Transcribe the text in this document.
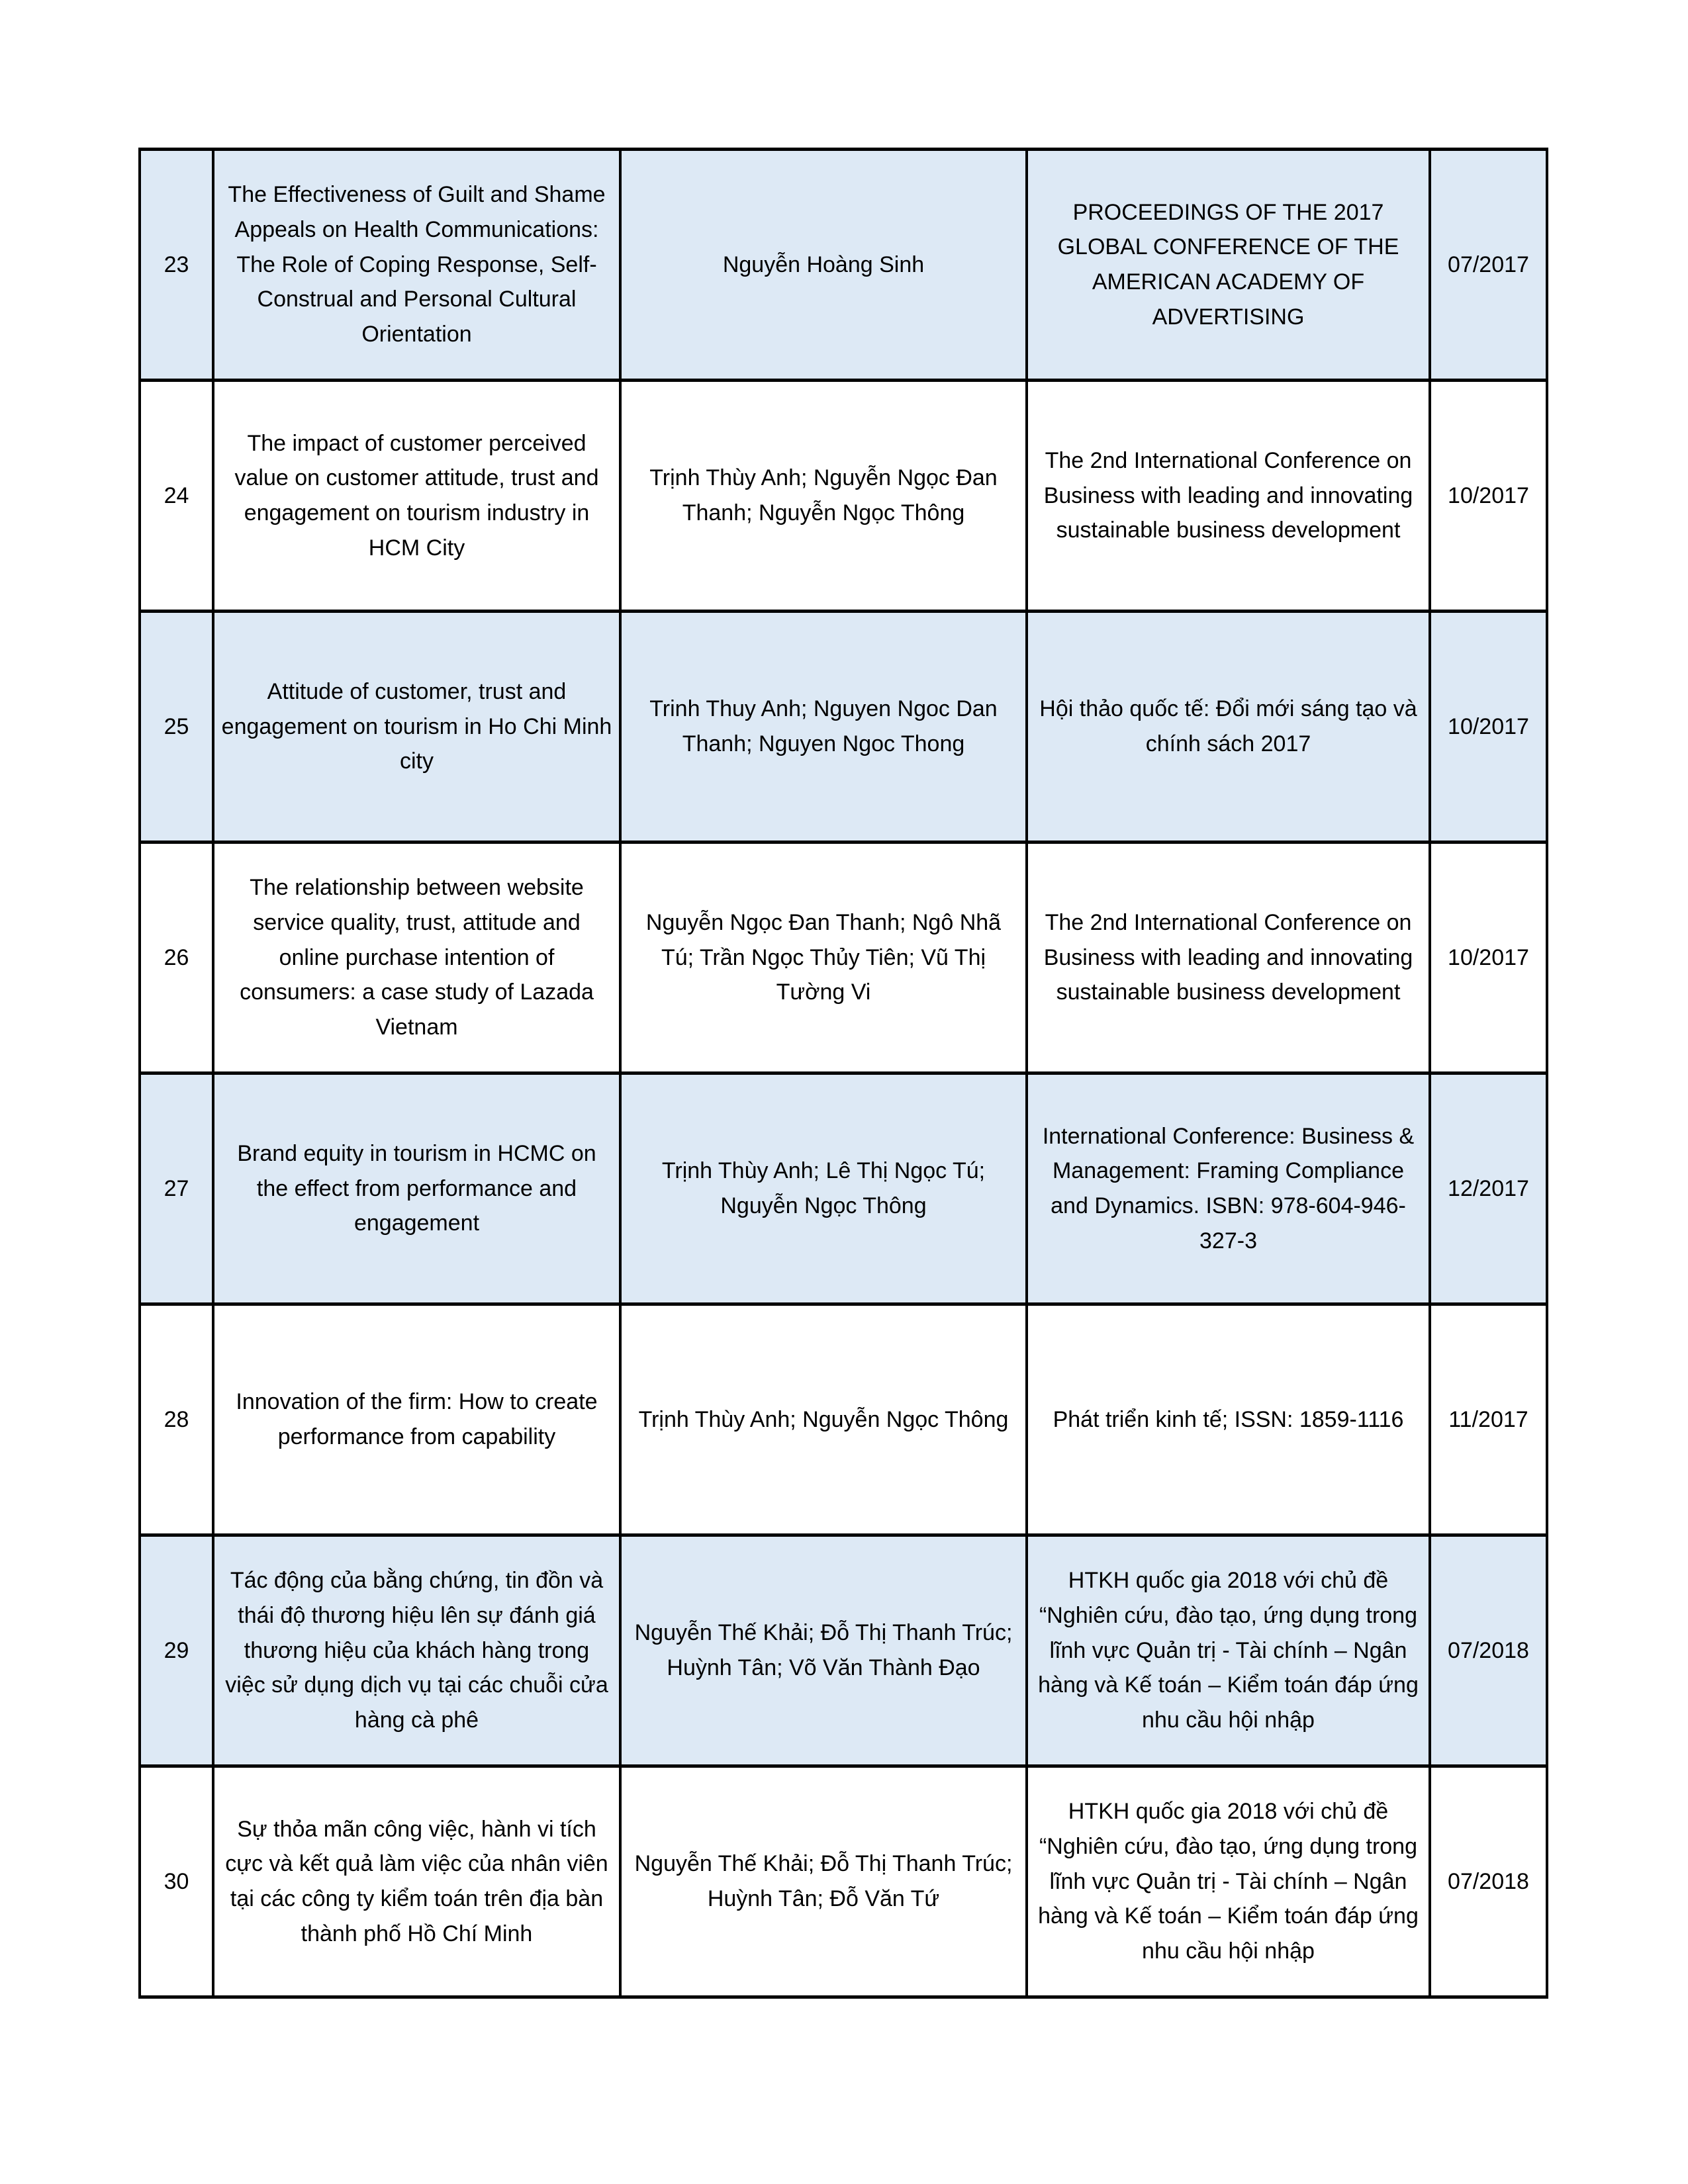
23	The Effectiveness of Guilt and Shame Appeals on Health Communications: The Role of Coping Response, Self-Construal and Personal Cultural Orientation	Nguyễn Hoàng Sinh	PROCEEDINGS OF THE 2017 GLOBAL CONFERENCE OF THE AMERICAN ACADEMY OF ADVERTISING	07/2017
24	The impact of customer perceived value on customer attitude, trust and engagement on tourism industry in HCM City	Trịnh Thùy Anh; Nguyễn Ngọc Đan Thanh; Nguyễn Ngọc Thông	The 2nd International Conference on Business with leading and innovating sustainable business development	10/2017
25	Attitude of customer, trust and engagement on tourism in Ho Chi Minh city	Trinh Thuy Anh; Nguyen Ngoc Dan Thanh; Nguyen Ngoc Thong	Hội thảo quốc tế: Đổi mới sáng tạo và chính sách 2017	10/2017
26	The relationship between website service quality, trust, attitude and online purchase intention of consumers: a case study of Lazada Vietnam	Nguyễn Ngọc Đan Thanh; Ngô Nhã Tú; Trần Ngọc Thủy Tiên; Vũ Thị Tường Vi	The 2nd International Conference on Business with leading and innovating sustainable business development	10/2017
27	Brand equity in tourism in HCMC on the effect from performance and engagement	Trịnh Thùy Anh; Lê Thị Ngọc Tú; Nguyễn Ngọc Thông	International Conference: Business & Management: Framing Compliance and Dynamics. ISBN: 978-604-946-327-3	12/2017
28	Innovation of the firm: How to create performance from capability	Trịnh Thùy Anh; Nguyễn Ngọc Thông	Phát triển kinh tế; ISSN: 1859-1116	11/2017
29	Tác động của bằng chứng, tin đồn và thái độ thương hiệu lên sự đánh giá thương hiệu của khách hàng trong việc sử dụng dịch vụ tại các chuỗi cửa hàng cà phê	Nguyễn Thế Khải; Đỗ Thị Thanh Trúc; Huỳnh Tân; Võ Văn Thành Đạo	HTKH quốc gia 2018 với chủ đề “Nghiên cứu, đào tạo, ứng dụng trong lĩnh vực Quản trị - Tài chính – Ngân hàng và Kế toán – Kiểm toán đáp ứng nhu cầu hội nhập	07/2018
30	Sự thỏa mãn công việc, hành vi tích cực và kết quả làm việc của nhân viên tại các công ty kiểm toán trên địa bàn thành phố Hồ Chí Minh	Nguyễn Thế Khải; Đỗ Thị Thanh Trúc; Huỳnh Tân; Đỗ Văn Tứ	HTKH quốc gia 2018 với chủ đề “Nghiên cứu, đào tạo, ứng dụng trong lĩnh vực Quản trị - Tài chính – Ngân hàng và Kế toán – Kiểm toán đáp ứng nhu cầu hội nhập	07/2018
